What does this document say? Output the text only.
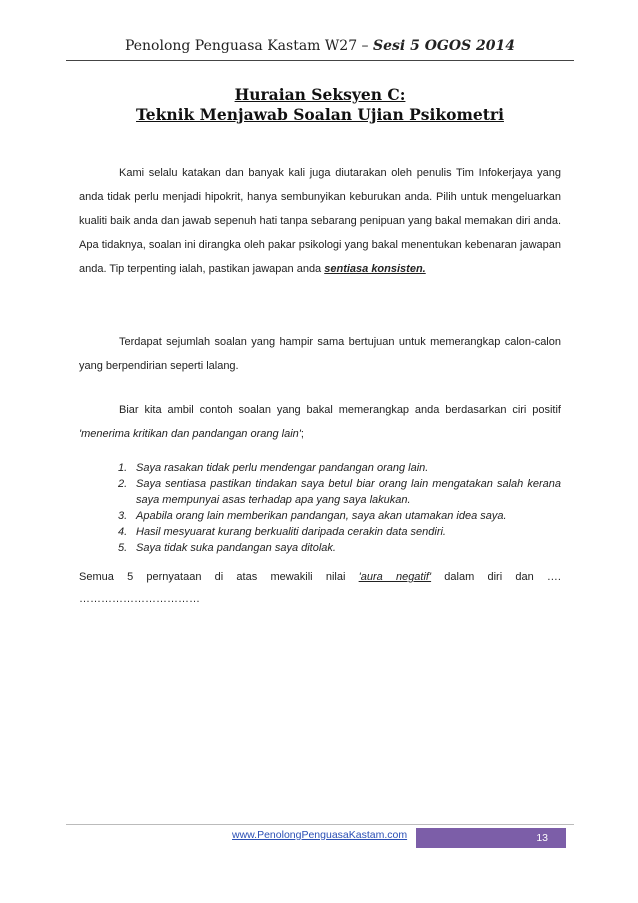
Penolong Penguasa Kastam W27 – Sesi 5 OGOS 2014
Huraian Seksyen C:
Teknik Menjawab Soalan Ujian Psikometri
Kami selalu katakan dan banyak kali juga diutarakan oleh penulis Tim Infokerjaya yang anda tidak perlu menjadi hipokrit, hanya sembunyikan keburukan anda. Pilih untuk mengeluarkan kualiti baik anda dan jawab sepenuh hati tanpa sebarang penipuan yang bakal memakan diri anda. Apa tidaknya, soalan ini dirangka oleh pakar psikologi yang bakal menentukan kebenaran jawapan anda. Tip terpenting ialah, pastikan jawapan anda sentiasa konsisten.
Terdapat sejumlah soalan yang hampir sama bertujuan untuk memerangkap calon-calon yang berpendirian seperti lalang.
Biar kita ambil contoh soalan yang bakal memerangkap anda berdasarkan ciri positif 'menerima kritikan dan pandangan orang lain';
1. Saya rasakan tidak perlu mendengar pandangan orang lain.
2. Saya sentiasa pastikan tindakan saya betul biar orang lain mengatakan salah kerana saya mempunyai asas terhadap apa yang saya lakukan.
3. Apabila orang lain memberikan pandangan, saya akan utamakan idea saya.
4. Hasil mesyuarat kurang berkualiti daripada cerakin data sendiri.
5. Saya tidak suka pandangan saya ditolak.
Semua 5 pernyataan di atas mewakili nilai 'aura negatif' dalam diri dan …. ……………………………
www.PenolongPenguasaKastam.com	13
